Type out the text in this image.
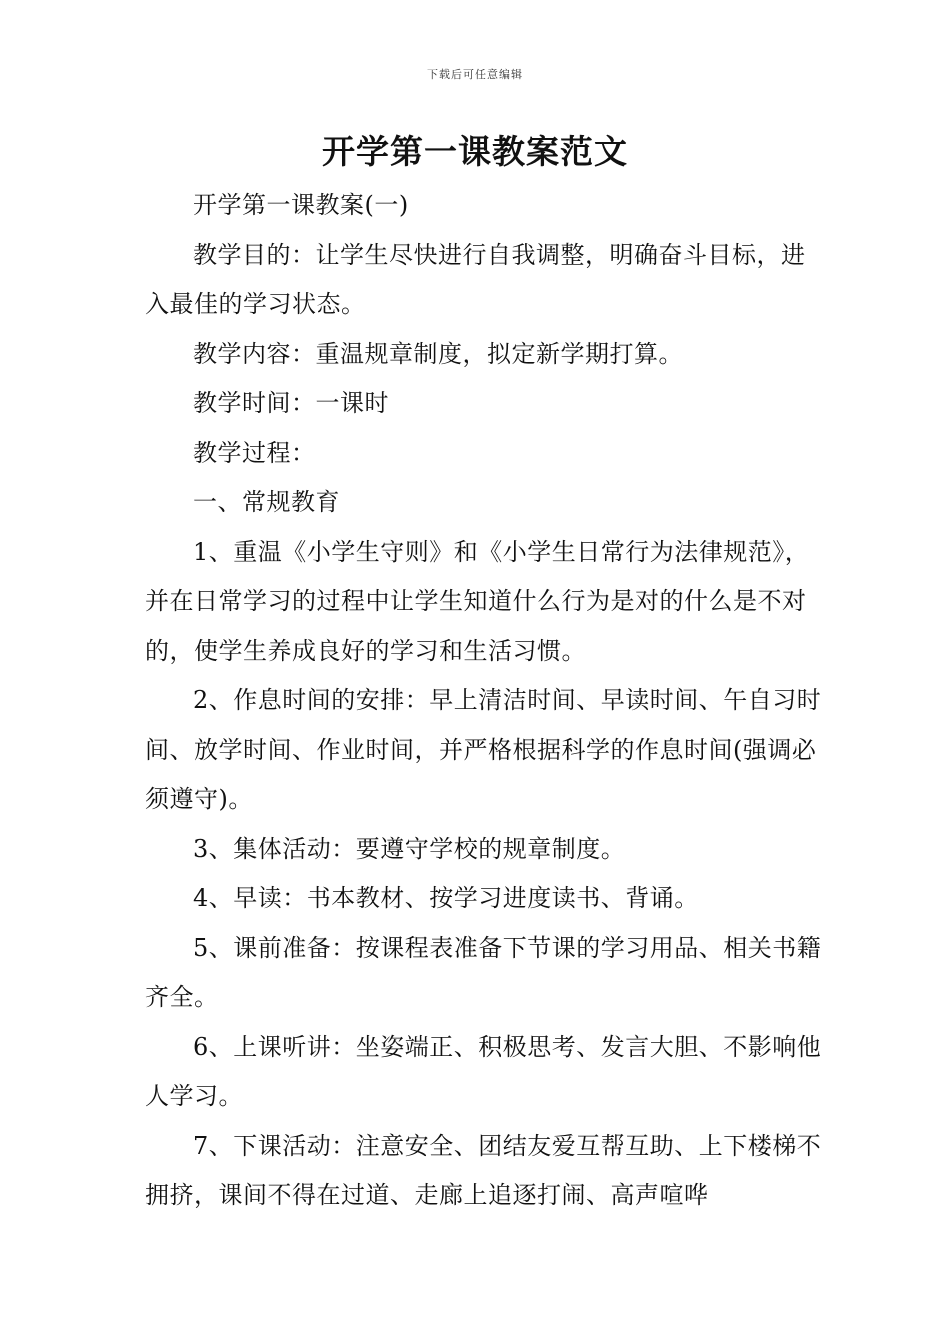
下载后可任意编辑
开学第一课教案范文

开学第一课教案(一)

教学目的：让学生尽快进行自我调整，明确奋斗目标，进入最佳的学习状态。

教学内容：重温规章制度，拟定新学期打算。

教学时间：一课时

教学过程：

一、常规教育

1、重温《小学生守则》和《小学生日常行为法律规范》，并在日常学习的过程中让学生知道什么行为是对的什么是不对的，使学生养成良好的学习和生活习惯。

2、作息时间的安排：早上清洁时间、早读时间、午自习时间、放学时间、作业时间，并严格根据科学的作息时间(强调必须遵守)。

3、集体活动：要遵守学校的规章制度。

4、早读：书本教材、按学习进度读书、背诵。

5、课前准备：按课程表准备下节课的学习用品、相关书籍齐全。

6、上课听讲：坐姿端正、积极思考、发言大胆、不影响他人学习。

7、下课活动：注意安全、团结友爱互帮互助、上下楼梯不拥挤，课间不得在过道、走廊上追逐打闹、高声喧哗
